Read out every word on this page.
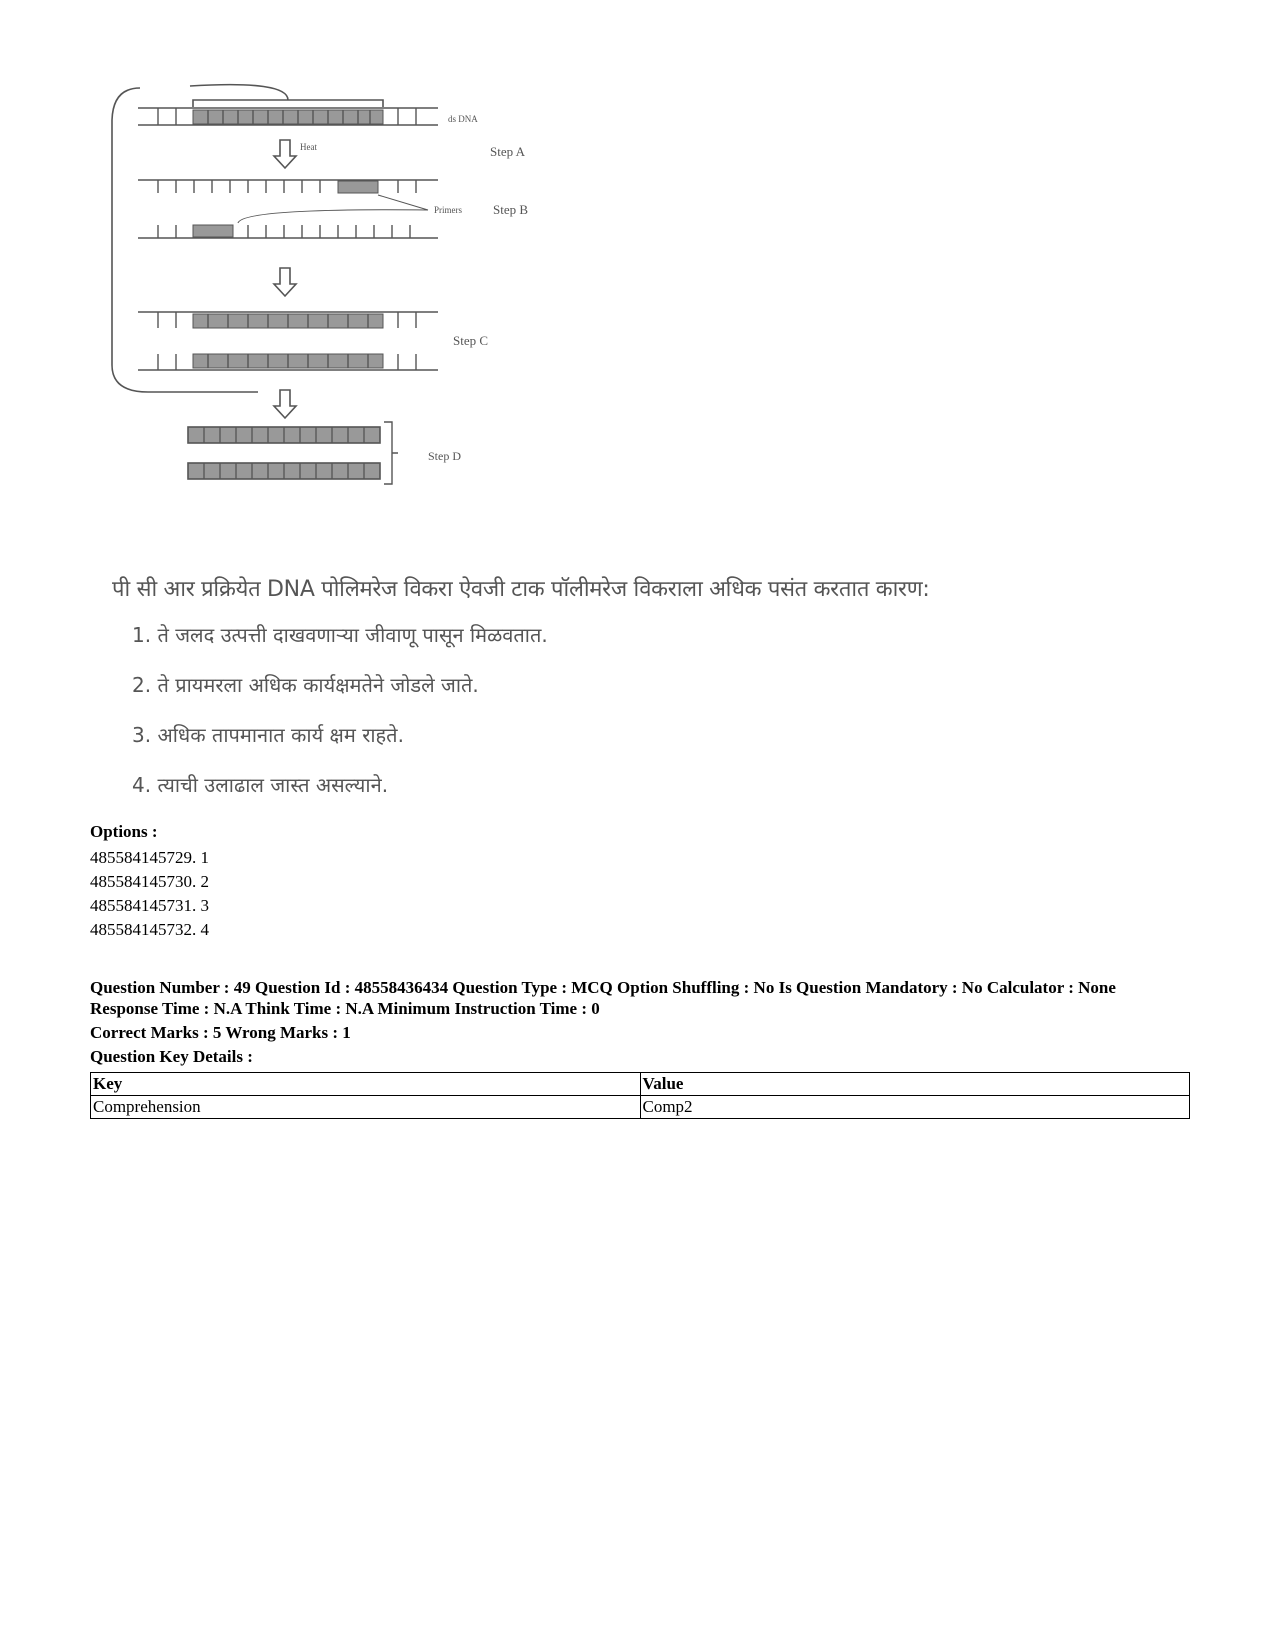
ds DNA
Heat	Step A
Primers Step B
Step C
Step D
पी सी आर प्रक्रियेत DNA पोलिमरेज विकरा ऐवजी टाक पॉलीमरेज विकराला अधिक पसंत करतात कारण:
1. ते जलद उत्पत्ती दाखवणाऱ्या जीवाणू पासून मिळवतात.
2. ते प्रायमरला अधिक कार्यक्षमतेने जोडले जाते.
3. अधिक तापमानात कार्य क्षम राहते.
4. त्याची उलाढाल जास्त असल्याने.
Options :
485584145729. 1
485584145730. 2
485584145731. 3
485584145732. 4
Question Number : 49 Question Id : 48558436434 Question Type : MCQ Option Shuffling : No Is Question Mandatory : No Calculator : None
Response Time : N.A Think Time : N.A Minimum Instruction Time : 0
Correct Marks : 5 Wrong Marks : 1
Question Key Details :
Key	Value
Comprehension	Comp2
